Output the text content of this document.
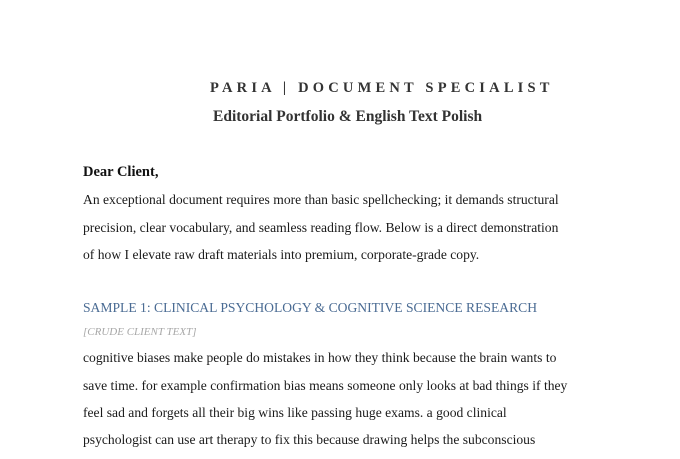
PARIA | DOCUMENT SPECIALIST
Editorial Portfolio & English Text Polish
Dear Client,
An exceptional document requires more than basic spellchecking; it demands structural
precision, clear vocabulary, and seamless reading flow. Below is a direct demonstration
of how I elevate raw draft materials into premium, corporate-grade copy.
SAMPLE 1: CLINICAL PSYCHOLOGY & COGNITIVE SCIENCE RESEARCH
[CRUDE CLIENT TEXT]
cognitive biases make people do mistakes in how they think because the brain wants to
save time. for example confirmation bias means someone only looks at bad things if they
feel sad and forgets all their big wins like passing huge exams. a good clinical
psychologist can use art therapy to fix this because drawing helps the subconscious
